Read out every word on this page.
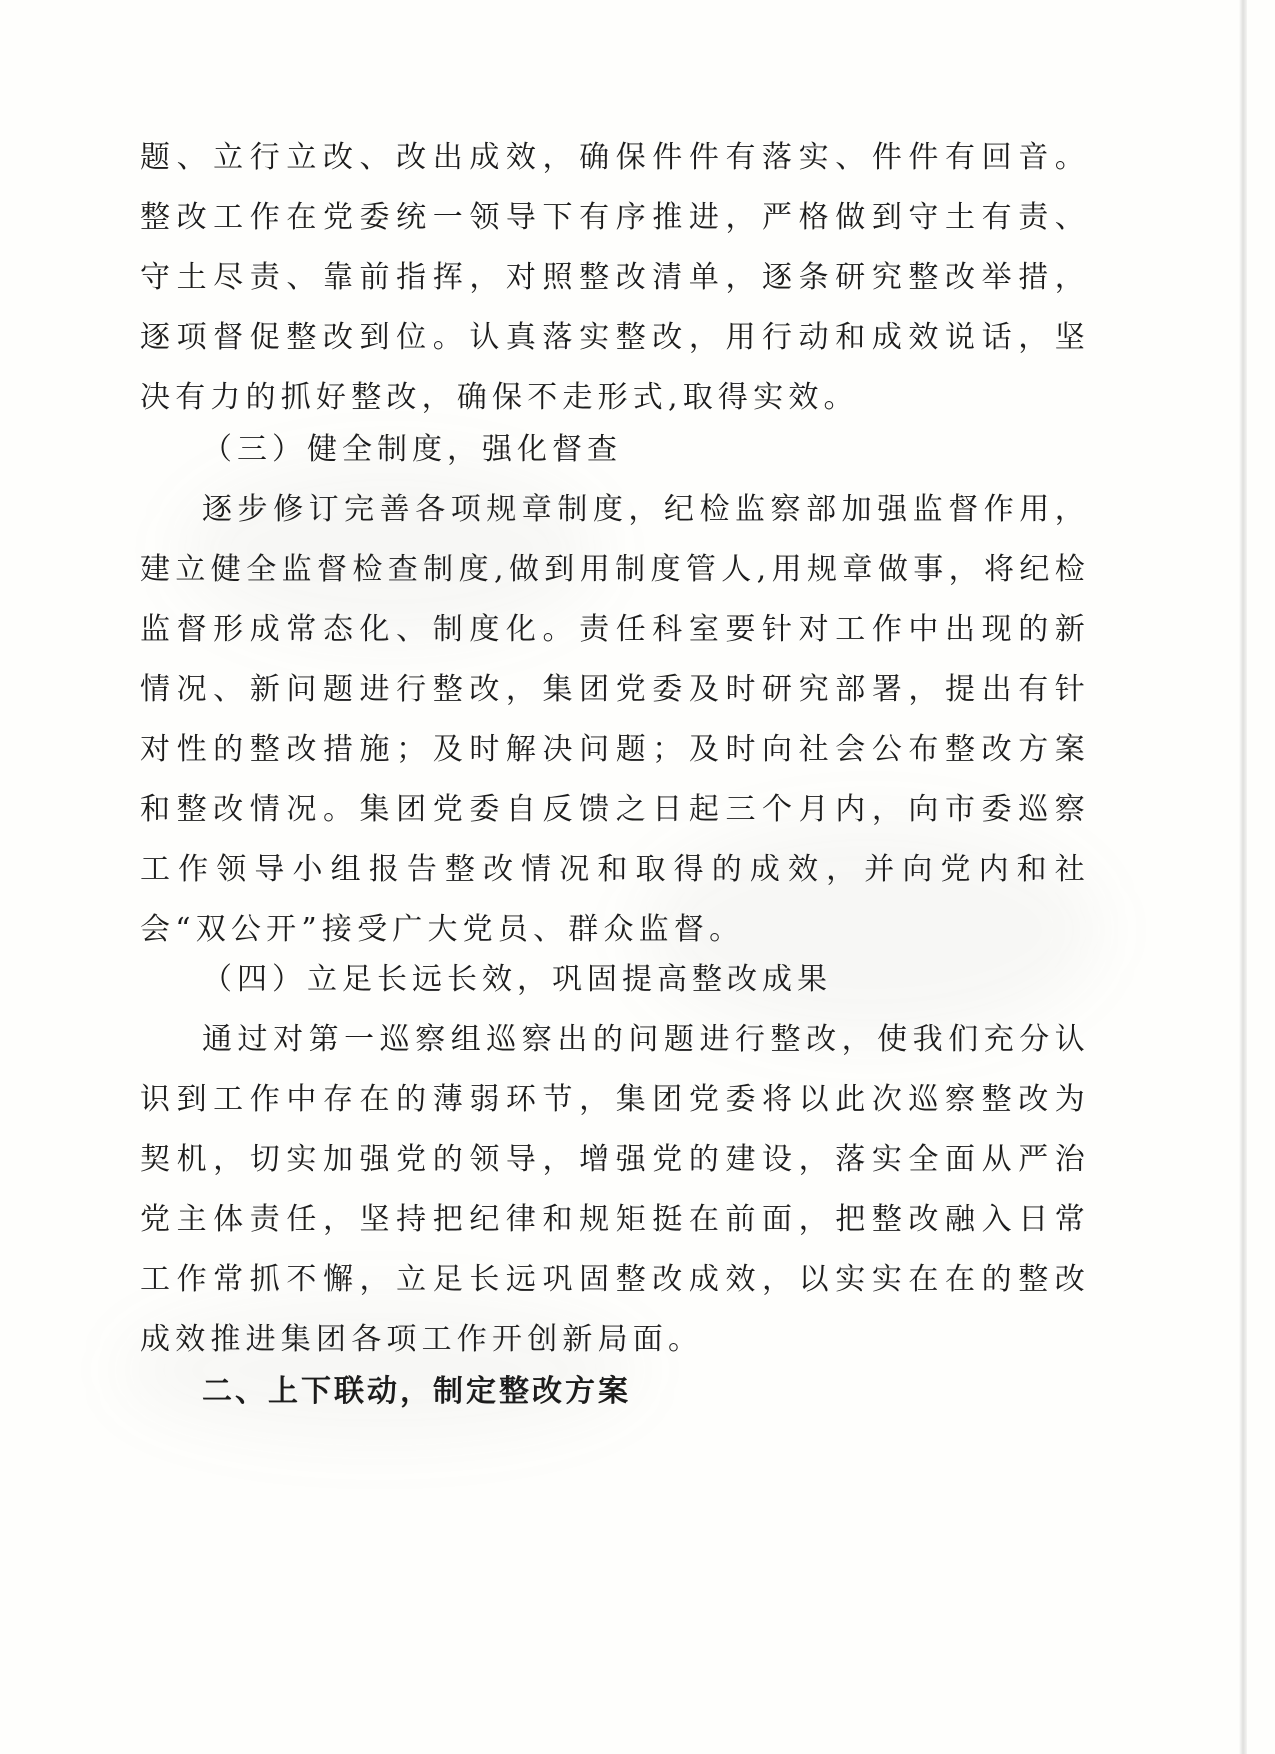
题、立行立改、改出成效，确保件件有落实、件件有回音。整改工作在党委统一领导下有序推进，严格做到守土有责、守土尽责、靠前指挥，对照整改清单，逐条研究整改举措，逐项督促整改到位。认真落实整改，用行动和成效说话，坚决有力的抓好整改，确保不走形式,取得实效。

（三）健全制度，强化督查

逐步修订完善各项规章制度，纪检监察部加强监督作用，建立健全监督检查制度,做到用制度管人,用规章做事，将纪检监督形成常态化、制度化。责任科室要针对工作中出现的新情况、新问题进行整改，集团党委及时研究部署，提出有针对性的整改措施；及时解决问题；及时向社会公布整改方案和整改情况。集团党委自反馈之日起三个月内，向市委巡察工作领导小组报告整改情况和取得的成效，并向党内和社会“双公开”接受广大党员、群众监督。

（四）立足长远长效，巩固提高整改成果

通过对第一巡察组巡察出的问题进行整改，使我们充分认识到工作中存在的薄弱环节，集团党委将以此次巡察整改为契机，切实加强党的领导，增强党的建设，落实全面从严治党主体责任，坚持把纪律和规矩挺在前面，把整改融入日常工作常抓不懈，立足长远巩固整改成效，以实实在在的整改成效推进集团各项工作开创新局面。

二、上下联动，制定整改方案
